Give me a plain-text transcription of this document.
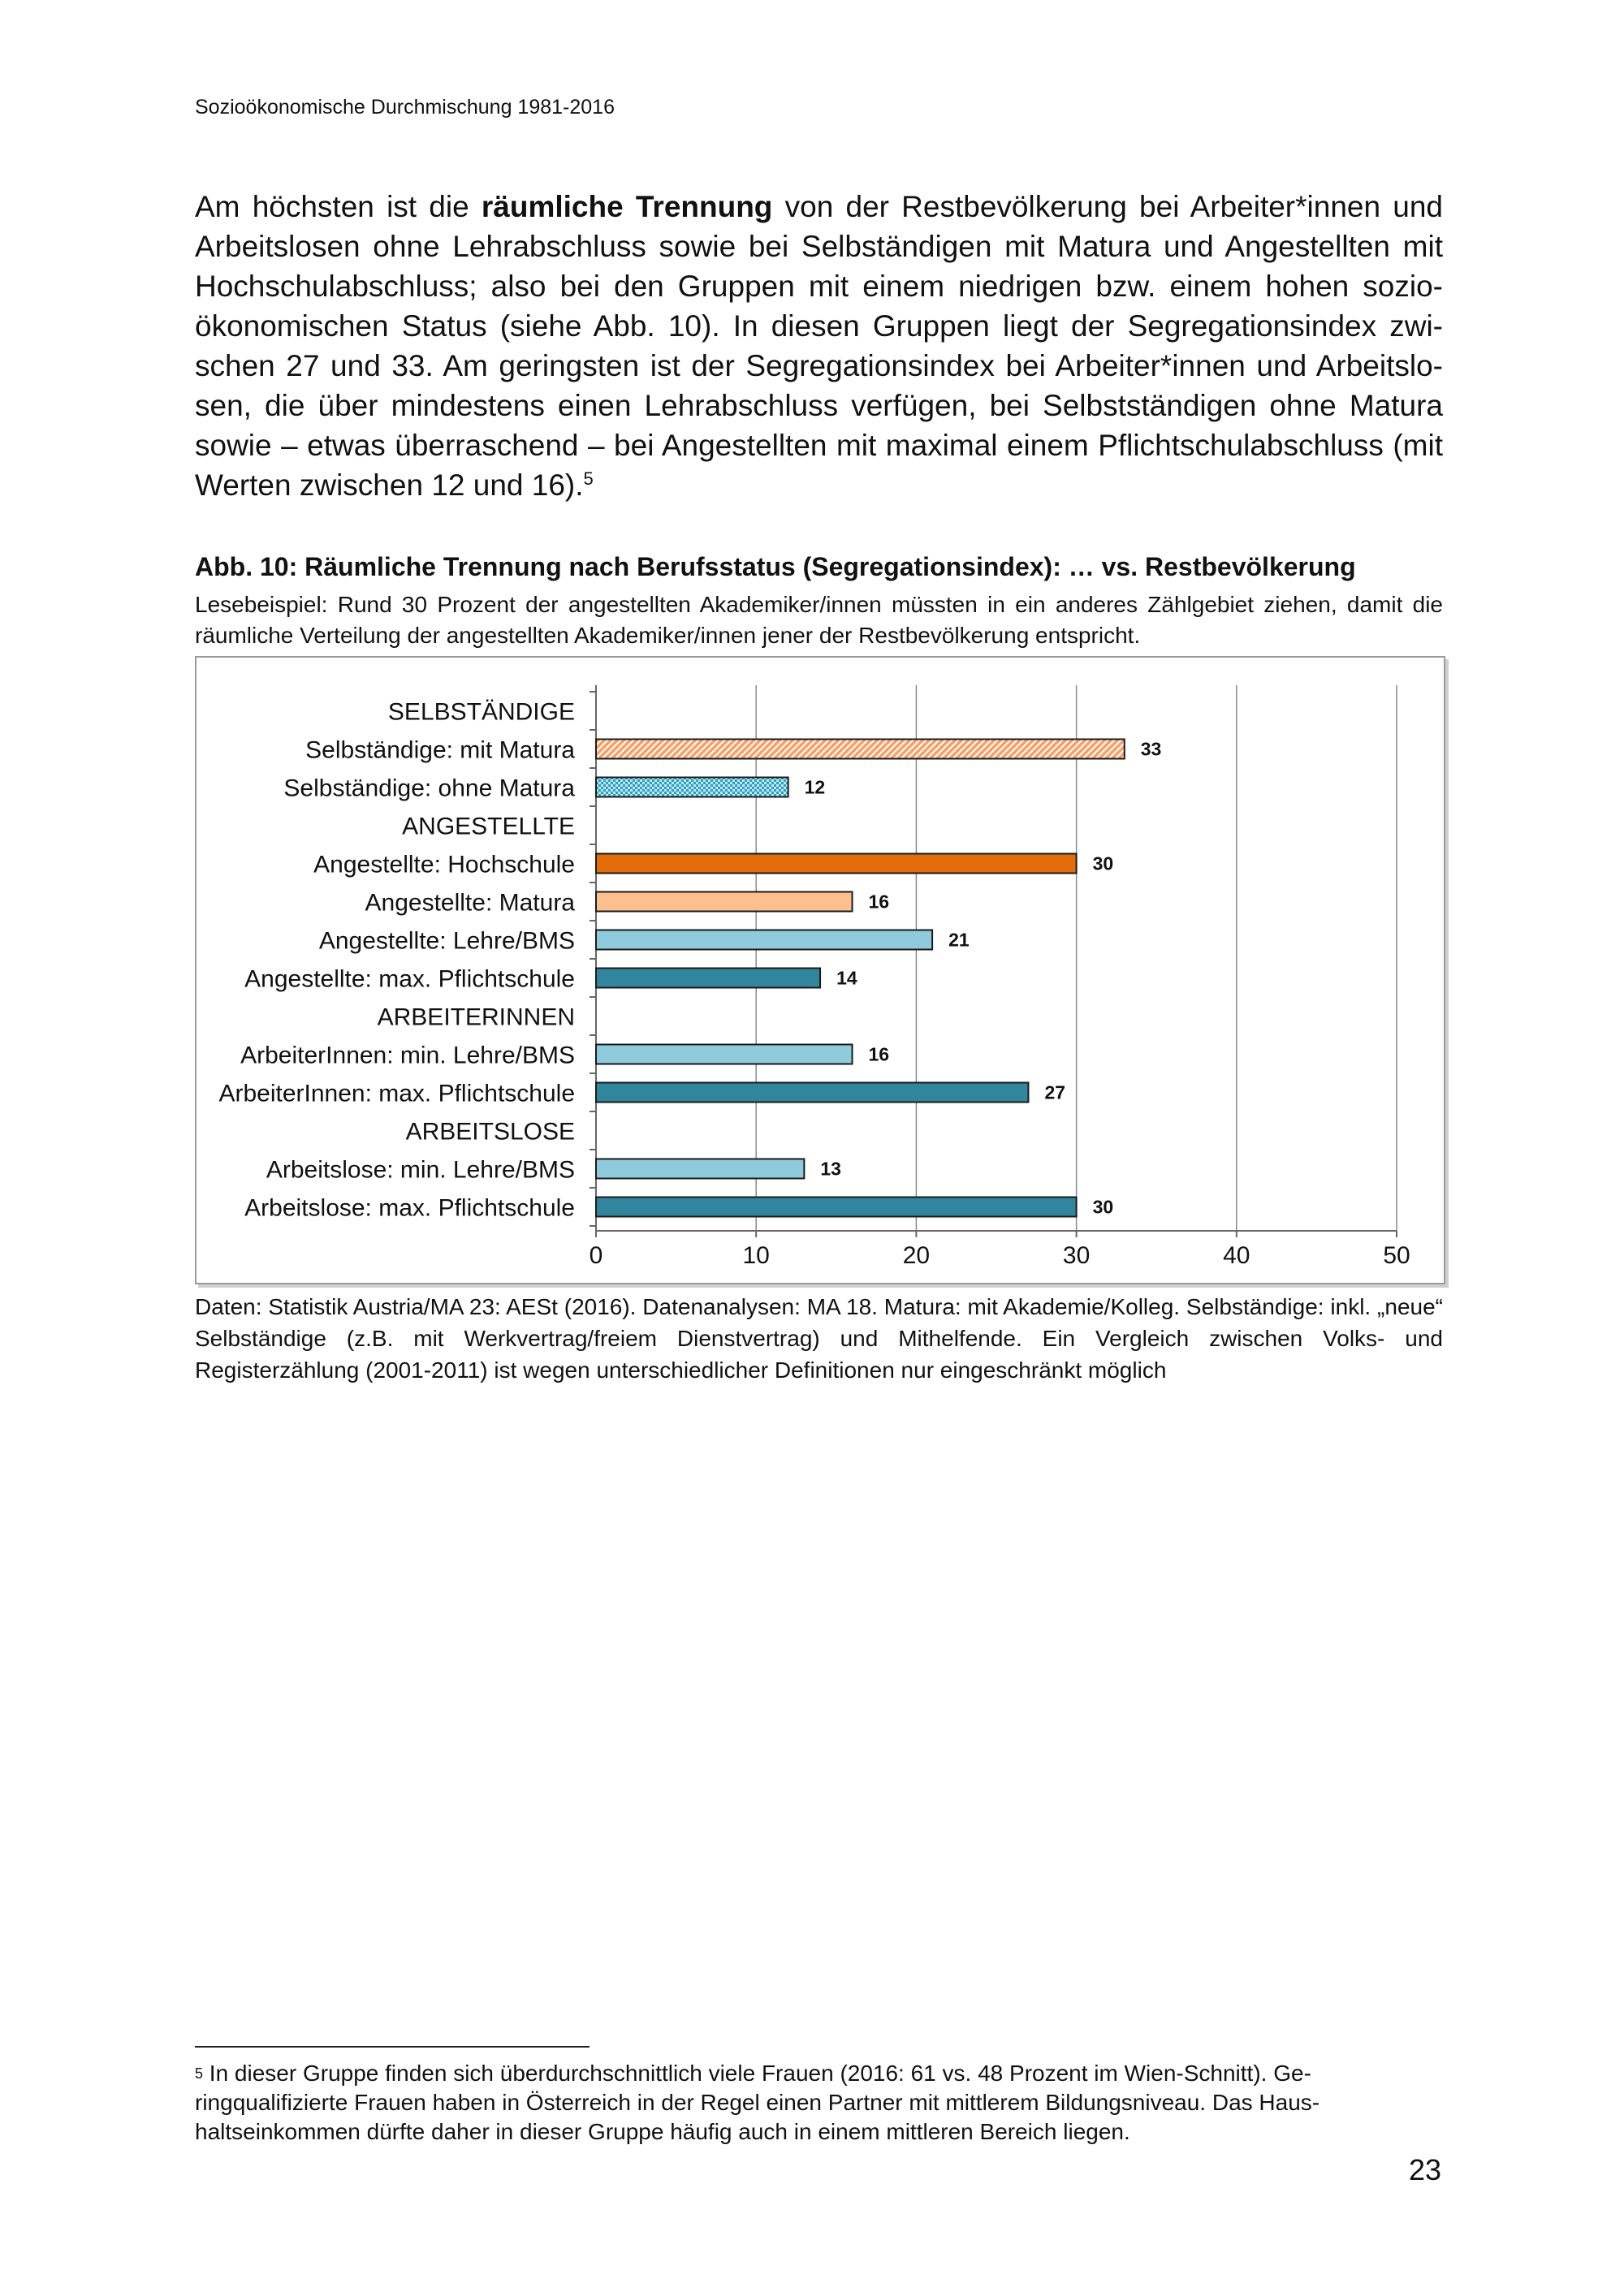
Sozioökonomische Durchmischung 1981-2016

Am höchsten ist die räumliche Trennung von der Restbevölkerung bei Arbeiter*innen und Arbeitslosen ohne Lehrabschluss sowie bei Selbständigen mit Matura und Angestellten mit Hochschulabschluss; also bei den Gruppen mit einem niedrigen bzw. einem hohen sozioökonomischen Status (siehe Abb. 10). In diesen Gruppen liegt der Segregationsindex zwischen 27 und 33. Am geringsten ist der Segregationsindex bei Arbeiter*innen und Arbeitslosen, die über mindestens einen Lehrabschluss verfügen, bei Selbstständigen ohne Matura sowie – etwas überraschend – bei Angestellten mit maximal einem Pflichtschulabschluss (mit Werten zwischen 12 und 16).$^5$

Abb. 10: Räumliche Trennung nach Berufsstatus (Segregationsindex): … vs. Restbevölkerung

Lesebeispiel: Rund 30 Prozent der angestellten Akademiker/innen müssten in ein anderes Zählgebiet ziehen, damit die räumliche Verteilung der angestellten Akademiker/innen jener der Restbevölkerung entspricht.

0	10	20	30	40	50
SELBSTÄNDIGE
Selbständige: mit Matura	33
Selbständige: ohne Matura	12
ANGESTELLTE
Angestellte: Hochschule	30
Angestellte: Matura	16
Angestellte: Lehre/BMS	21
Angestellte: max. Pflichtschule	14
ARBEITERINNEN
ArbeiterInnen: min. Lehre/BMS	16
ArbeiterInnen: max. Pflichtschule	27
ARBEITSLOSE
Arbeitslose: min. Lehre/BMS	13
Arbeitslose: max. Pflichtschule	30

Daten: Statistik Austria/MA 23: AESt (2016). Datenanalysen: MA 18. Matura: mit Akademie/Kolleg. Selbständige: inkl. „neue“ Selbständige (z.B. mit Werkvertrag/freiem Dienstvertrag) und Mithelfende. Ein Vergleich zwischen Volks- und Registerzählung (2001-2011) ist wegen unterschiedlicher Definitionen nur eingeschränkt möglich

$^5$ In dieser Gruppe finden sich überdurchschnittlich viele Frauen (2016: 61 vs. 48 Prozent im Wien-Schnitt). Geringqualifizierte Frauen haben in Österreich in der Regel einen Partner mit mittlerem Bildungsniveau. Das Haushaltseinkommen dürfte daher in dieser Gruppe häufig auch in einem mittleren Bereich liegen.

23
